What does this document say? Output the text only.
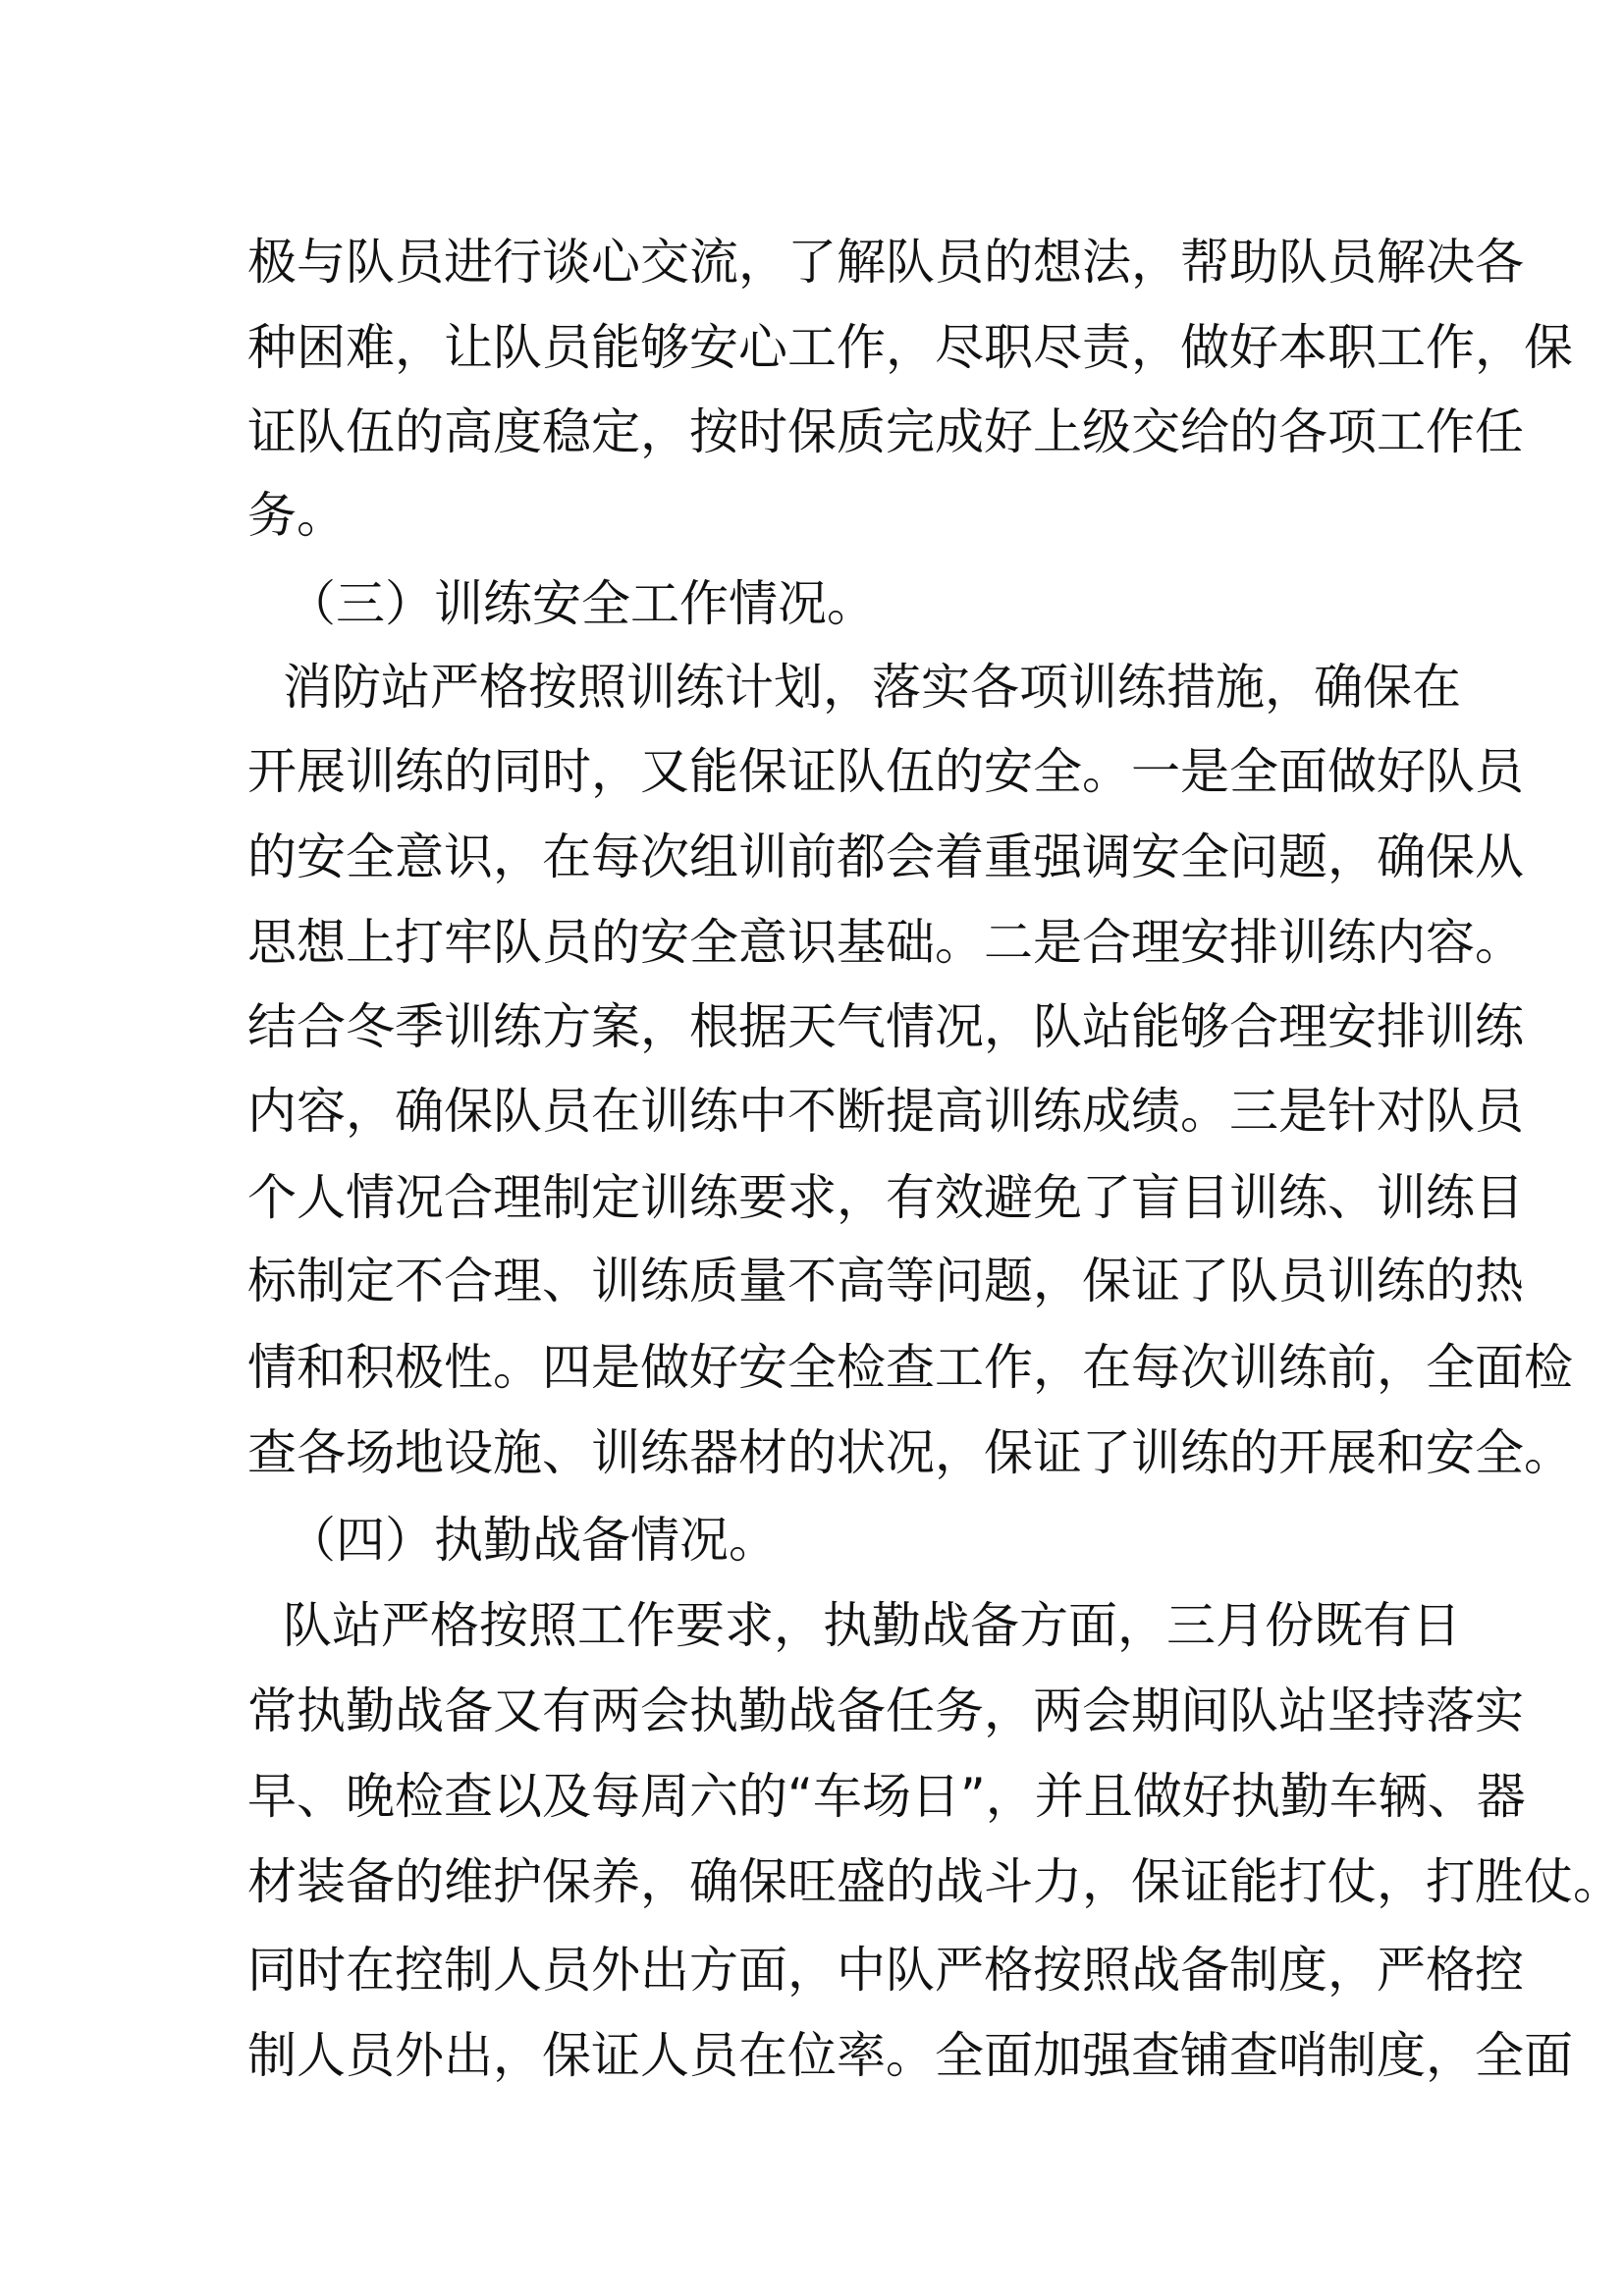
极与队员进行谈心交流，了解队员的想法，帮助队员解决各
种困难，让队员能够安心工作，尽职尽责，做好本职工作，保
证队伍的高度稳定，按时保质完成好上级交给的各项工作任
务。
（三）训练安全工作情况。
消防站严格按照训练计划，落实各项训练措施，确保在
开展训练的同时，又能保证队伍的安全。一是全面做好队员
的安全意识，在每次组训前都会着重强调安全问题，确保从
思想上打牢队员的安全意识基础。二是合理安排训练内容。
结合冬季训练方案，根据天气情况，队站能够合理安排训练
内容，确保队员在训练中不断提高训练成绩。三是针对队员
个人情况合理制定训练要求，有效避免了盲目训练、训练目
标制定不合理、训练质量不高等问题，保证了队员训练的热
情和积极性。四是做好安全检查工作，在每次训练前，全面检
查各场地设施、训练器材的状况，保证了训练的开展和安全。
（四）执勤战备情况。
队站严格按照工作要求，执勤战备方面，三月份既有日
常执勤战备又有两会执勤战备任务，两会期间队站坚持落实
早、晚检查以及每周六的“车场日”，并且做好执勤车辆、器
材装备的维护保养，确保旺盛的战斗力，保证能打仗，打胜仗。
同时在控制人员外出方面，中队严格按照战备制度，严格控
制人员外出，保证人员在位率。全面加强查铺查哨制度，全面
